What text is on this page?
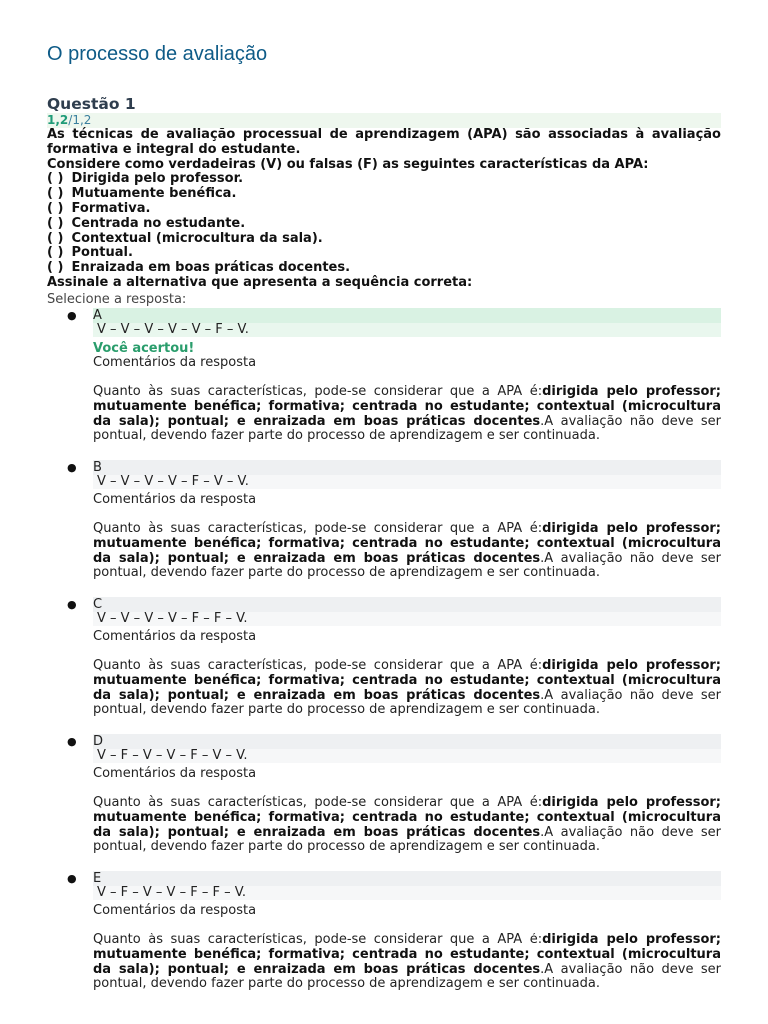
O processo de avaliação
Questão 1
1,2/1,2

As técnicas de avaliação processual de aprendizagem (APA) são associadas à avaliação formativa e integral do estudante.

Considere como verdadeiras (V) ou falsas (F) as seguintes características da APA:

( ) Dirigida pelo professor.

( ) Mutuamente benéfica.

( ) Formativa.

( ) Centrada no estudante.

( ) Contextual (microcultura da sala).

( ) Pontual.

( ) Enraizada em boas práticas docentes.

Assinale a alternativa que apresenta a sequência correta:

Selecione a resposta:
● A
V – V – V – V – V – F – V.
Você acertou!
Comentários da resposta
Quanto às suas características, pode-se considerar que a APA é:dirigida pelo professor; mutuamente benéfica; formativa; centrada no estudante; contextual (microcultura da sala); pontual; e enraizada em boas práticas docentes.A avaliação não deve ser pontual, devendo fazer parte do processo de aprendizagem e ser continuada.
● B
V – V – V – V – F – V – V.
Comentários da resposta
Quanto às suas características, pode-se considerar que a APA é:dirigida pelo professor; mutuamente benéfica; formativa; centrada no estudante; contextual (microcultura da sala); pontual; e enraizada em boas práticas docentes.A avaliação não deve ser pontual, devendo fazer parte do processo de aprendizagem e ser continuada.
● C
V – V – V – V – F – F – V.
Comentários da resposta
Quanto às suas características, pode-se considerar que a APA é:dirigida pelo professor; mutuamente benéfica; formativa; centrada no estudante; contextual (microcultura da sala); pontual; e enraizada em boas práticas docentes.A avaliação não deve ser pontual, devendo fazer parte do processo de aprendizagem e ser continuada.
● D
V – F – V – V – F – V – V.
Comentários da resposta
Quanto às suas características, pode-se considerar que a APA é:dirigida pelo professor; mutuamente benéfica; formativa; centrada no estudante; contextual (microcultura da sala); pontual; e enraizada em boas práticas docentes.A avaliação não deve ser pontual, devendo fazer parte do processo de aprendizagem e ser continuada.
● E
V – F – V – V – F – F – V.
Comentários da resposta
Quanto às suas características, pode-se considerar que a APA é:dirigida pelo professor; mutuamente benéfica; formativa; centrada no estudante; contextual (microcultura da sala); pontual; e enraizada em boas práticas docentes.A avaliação não deve ser pontual, devendo fazer parte do processo de aprendizagem e ser continuada.
